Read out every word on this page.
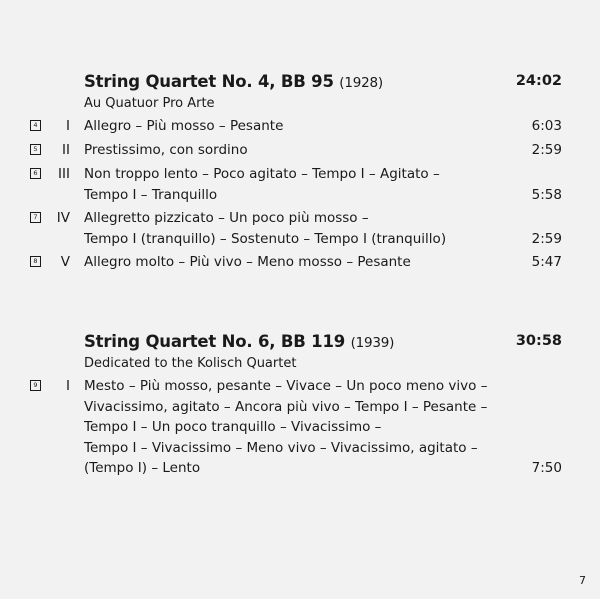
String Quartet No. 4, BB 95 (1928)	24:02
Au Quatuor Pro Arte
4 I Allegro – Più mosso – Pesante	6:03
5 II Prestissimo, con sordino	2:59
6 III Non troppo lento – Poco agitato – Tempo I – Agitato –
Tempo I – Tranquillo	5:58
7 IV Allegretto pizzicato – Un poco più mosso –
Tempo I (tranquillo) – Sostenuto – Tempo I (tranquillo)	2:59
8 V Allegro molto – Più vivo – Meno mosso – Pesante	5:47
String Quartet No. 6, BB 119 (1939)	30:58
Dedicated to the Kolisch Quartet
9 I Mesto – Più mosso, pesante – Vivace – Un poco meno vivo –
Vivacissimo, agitato – Ancora più vivo – Tempo I – Pesante –
Tempo I – Un poco tranquillo – Vivacissimo –
Tempo I – Vivacissimo – Meno vivo – Vivacissimo, agitato –
(Tempo I) – Lento	7:50
7
